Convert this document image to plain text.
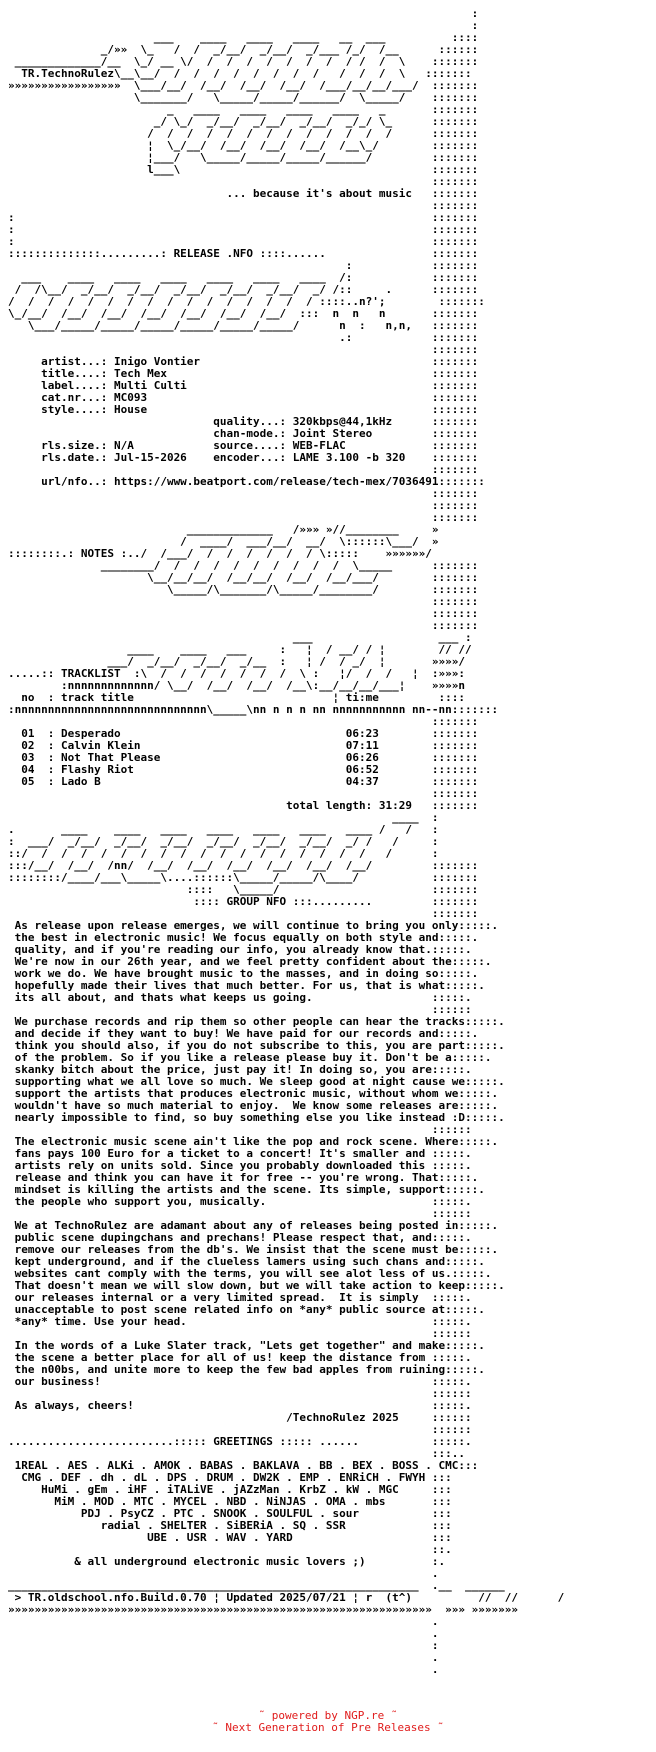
:
:
___    ____   ____   ____   __  ___          ::::
_/»»  \_   /  /  _/__/  _/__/  _/___ /_/  /__      ::::::
_____________/__  \_/ __ \/  /  /  /  /  /  /  /  / /  /  \    :::::::
TR.TechnoRulez\__\__/  /  /  /  /  /  /  /  /   /  /  /  \   :::::::
»»»»»»»»»»»»»»»»»  \___/__/  /__/  /__/  /__/  /___/__/__/___/  :::::::
\_______/   \_____/_____/______/  \_____/    :::::::
_   ____   ____   ____   ____   _       :::::::
_/ \_/  _/__/  _/__/  _/__/  _/_/ \_      :::::::
/  /  /  /  /  /  /  /  /  /  /  /  /      :::::::
¦  \_/__/  /__/  /__/  /__/  /__\_/        :::::::
¦___/   \_____/_____/_____/______/         :::::::
l___\                                      :::::::
:::::::
... because it's about music   :::::::
:::::::
:                                                               :::::::
:                                                               :::::::
:                                                               :::::::
::::::::::::::.........: RELEASE .NFO ::::......                :::::::
:            :::::::
___    ____   ____   ____   ____   ____   ____  /:            :::::::
/  /\__/  _/__/  _/__/  _/__/  _/__/  _/__/  _/ /::     .      :::::::
/  /  /  /  /  /  /  /  /  /  /  /  /  /  /  / ::::..n?';        :::::::
\_/__/  /__/  /__/  /__/  /__/  /__/  /__/  :::  n  n   n       :::::::
\___/_____/_____/_____/_____/_____/_____/      n  :   n,n,   :::::::
.:            :::::::
:::::::
artist...: Inigo Vontier                                   :::::::
title....: Tech Mex                                        :::::::
label....: Multi Culti                                     :::::::
cat.nr...: MC093                                           :::::::
style....: House                                           :::::::
quality...: 320kbps@44,1kHz      :::::::
chan-mode.: Joint Stereo         :::::::
rls.size.: N/A            source....: WEB-FLAC             :::::::
rls.date.: Jul-15-2026    encoder...: LAME 3.100 -b 320    :::::::
:::::::
url/nfo..: https://www.beatport.com/release/tech-mex/7036491:::::::
:::::::
:::::::
:::::::
_____________   /»»» »//________     »
/  ____/  ___/__/  __/  \::::::\___/  »
::::::::.: NOTES :../  /___/  /  /  /  /  /  / \:::::    »»»»»»/
________/  /  /  /  /  /  /  /  /  /  \_____      :::::::
\__/__/__/  /__/__/  /__/  /__/___/        :::::::
\_____/\_______/\_____/________/        :::::::
:::::::
:::::::
:::::::
___                   ___ :
____    ____   ___     :   ¦  / __/ / ¦        // //
___/  _/__/  _/__/  _/__  :   ¦ /  / _/  ¦       »»»»/
.....:: TRACKLIST  :\  /  /  /  /  /  /  /  \ :   ¦/  /  /   ¦  :»»»:
:nnnnnnnnnnnnn/ \__/  /__/  /__/  /__\:__/__/__/___¦    »»»»n
no  : track title                              ¦ ti:me         ::::
:nnnnnnnnnnnnnnnnnnnnnnnnnnnnn\_____\nn n n n nn nnnnnnnnnnn nn--nn:::::::
:::::::
01  : Desperado                                  06:23        :::::::
02  : Calvin Klein                               07:11        :::::::
03  : Not That Please                            06:26        :::::::
04  : Flashy Riot                                06:52        :::::::
05  : Lado B                                     04:37        :::::::
:::::::
total length: 31:29   :::::::
____  :
.       ____    ____   ____   ____   ____   ____   ____ /   /   :
:  ___/  _/__/  _/__/  _/__/  _/__/  _/__/  _/__/  _/ /   /     :
::/  /  /  /  /  /  /  /  /  /  /  /  /  /  /  /  /  /   /      :
:::/__/  /__/  /nn/  /__/  /__/  /__/  /__/  /__/  /__/         :::::::
::::::::/____/___\_____\....::::::\_____/_____/\____/           :::::::
::::   \_____/                       :::::::
:::: GROUP NFO :::.........         :::::::
:::::::
As release upon release emerges, we will continue to bring you only:::::.
the best in electronic music! We focus equally on both style and:::::.
quality, and if you're reading our info, you already know that.:::::.
We're now in our 26th year, and we feel pretty confident about the:::::.
work we do. We have brought music to the masses, and in doing so:::::.
hopefully made their lives that much better. For us, that is what:::::.
its all about, and thats what keeps us going.                  :::::.
::::::
We purchase records and rip them so other people can hear the tracks:::::.
and decide if they want to buy! We have paid for our records and:::::.
think you should also, if you do not subscribe to this, you are part:::::.
of the problem. So if you like a release please buy it. Don't be a:::::.
skanky bitch about the price, just pay it! In doing so, you are:::::.
supporting what we all love so much. We sleep good at night cause we:::::.
support the artists that produces electronic music, without whom we:::::.
wouldn't have so much material to enjoy.  We know some releases are:::::.
nearly impossible to find, so buy something else you like instead :D:::::.
::::::
The electronic music scene ain't like the pop and rock scene. Where:::::.
fans pays 100 Euro for a ticket to a concert! It's smaller and :::::.
artists rely on units sold. Since you probably downloaded this :::::.
release and think you can have it for free -- you're wrong. That:::::.
mindset is killing the artists and the scene. Its simple, support:::::.
the people who support you, musically.                         :::::.
::::::
We at TechnoRulez are adamant about any of releases being posted in:::::.
public scene dupingchans and prechans! Please respect that, and:::::.
remove our releases from the db's. We insist that the scene must be:::::.
kept underground, and if the clueless lamers using such chans and:::::.
websites cant comply with the terms, you will see alot less of us.:::::.
That doesn't mean we will slow down, but we will take action to keep:::::.
our releases internal or a very limited spread.  It is simply  :::::.
unacceptable to post scene related info on *any* public source at:::::.
*any* time. Use your head.                                     :::::.
::::::
In the words of a Luke Slater track, "Lets get together" and make:::::.
the scene a better place for all of us! keep the distance from :::::.
the n00bs, and unite more to keep the few bad apples from ruining:::::.
our business!                                                  :::::.
::::::
As always, cheers!                                             :::::.
/TechnoRulez 2025     ::::::
::::::
.........................::::: GREETINGS ::::: ......           :::::.
:::..
1REAL . AES . ALKi . AMOK . BABAS . BAKLAVA . BB . BEX . BOSS . CMC:::
CMG . DEF . dh . dL . DPS . DRUM . DW2K . EMP . ENRiCH . FWYH :::
HuMi . gEm . iHF . iTALiVE . jAZzMan . KrbZ . kW . MGC     :::
MiM . MOD . MTC . MYCEL . NBD . NiNJAS . OMA . mbs       :::
PDJ . PsyCZ . PTC . SNOOK . SOULFUL . sour           :::
radial . SHELTER . SiBERiA . SQ . SSR             :::
UBE . USR . WAV . YARD                     :::
::.
& all underground electronic music lovers ;)          :.
.
______________________________________________________________  .__  ______
> TR.oldschool.nfo.Build.0.70 ¦ Updated 2025/07/21 ¦ r  (t^)          //  //      /
»»»»»»»»»»»»»»»»»»»»»»»»»»»»»»»»»»»»»»»»»»»»»»»»»»»»»»»»»»»»»»»»  »»» »»»»»»»
.
.
:
.
.
˜ powered by NGP.re ˜
˜ Next Generation of Pre Releases ˜
